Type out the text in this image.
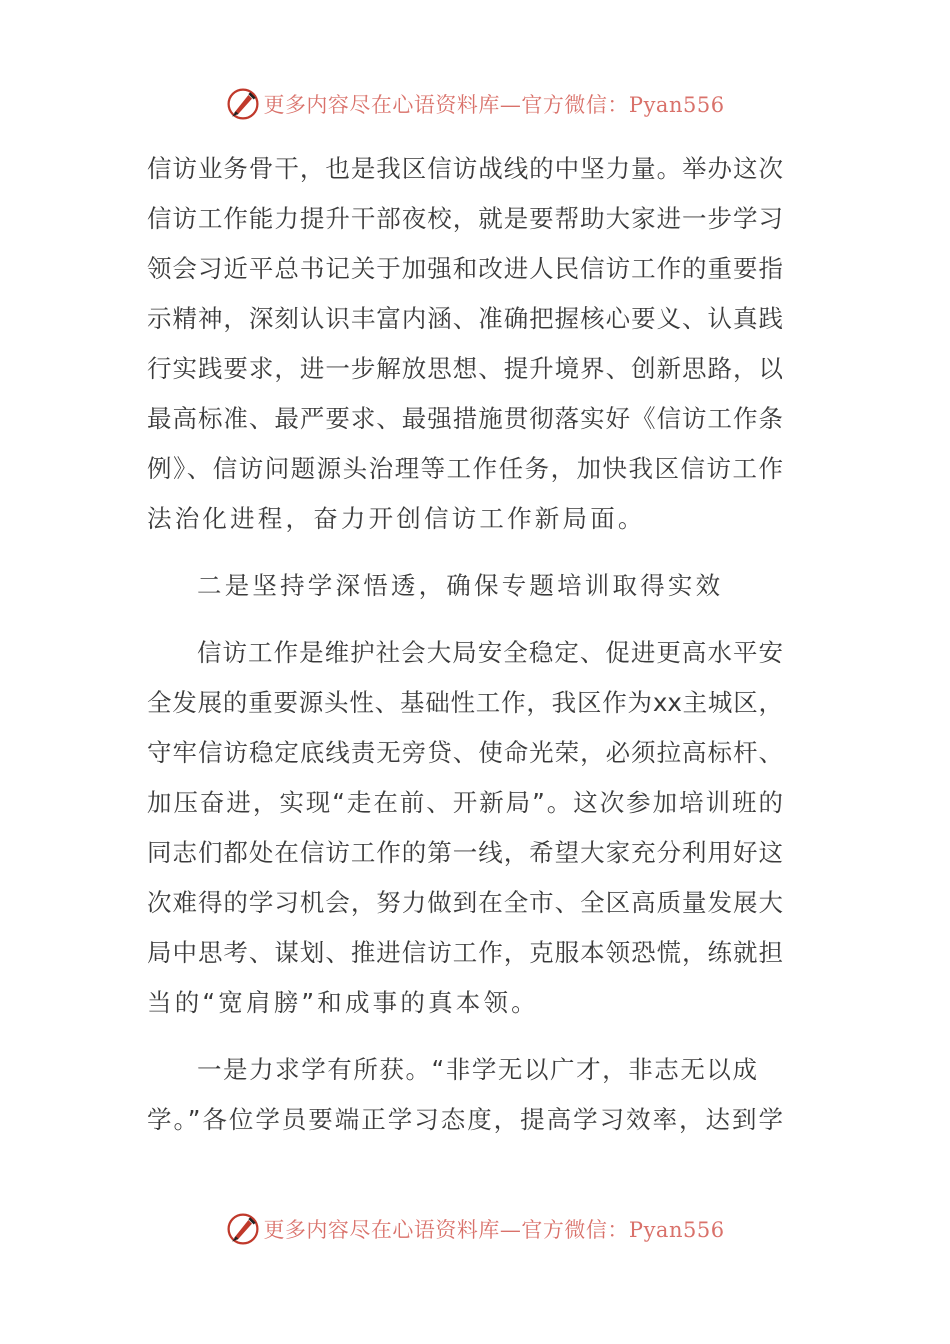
更多内容尽在心语资料库—官方微信：Pyan556
信访业务骨干，也是我区信访战线的中坚力量。举办这次
信访工作能力提升干部夜校，就是要帮助大家进一步学习
领会习近平总书记关于加强和改进人民信访工作的重要指
示精神，深刻认识丰富内涵、准确把握核心要义、认真践
行实践要求，进一步解放思想、提升境界、创新思路，以
最高标准、最严要求、最强措施贯彻落实好《信访工作条
例》、信访问题源头治理等工作任务，加快我区信访工作
法治化进程，奋力开创信访工作新局面。
二是坚持学深悟透，确保专题培训取得实效
信访工作是维护社会大局安全稳定、促进更高水平安
全发展的重要源头性、基础性工作，我区作为xx主城区，
守牢信访稳定底线责无旁贷、使命光荣，必须拉高标杆、
加压奋进，实现“走在前、开新局”。这次参加培训班的
同志们都处在信访工作的第一线，希望大家充分利用好这
次难得的学习机会，努力做到在全市、全区高质量发展大
局中思考、谋划、推进信访工作，克服本领恐慌，练就担
当的“宽肩膀”和成事的真本领。
一是力求学有所获。“非学无以广才，非志无以成
学。”各位学员要端正学习态度，提高学习效率，达到学
更多内容尽在心语资料库—官方微信：Pyan556
